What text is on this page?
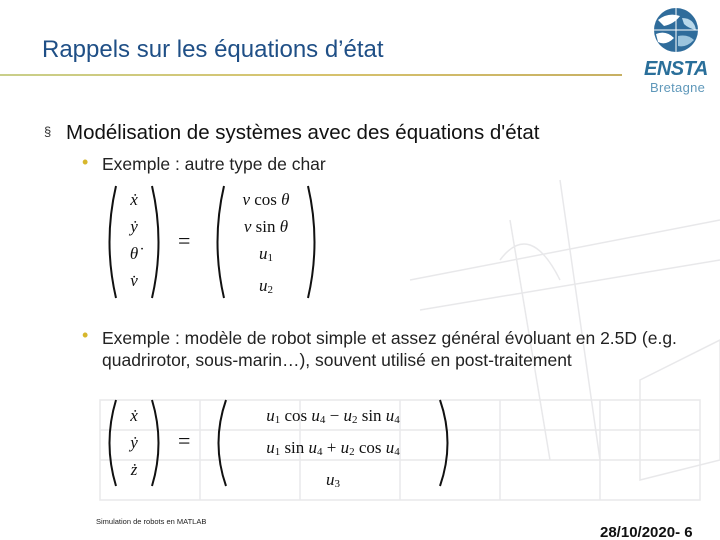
Rappels sur les équations d’état
ENSTA
Bretagne
§ Modélisation de systèmes avec des équations d'état
• Exemple : autre type de char
ẋ
ẏ
θ̇
v̇
=
v cos θ
v sin θ
$u_1$
$u_2$
• Exemple : modèle de robot simple et assez général évoluant en 2.5D (e.g. quadrirotor, sous-marin…), souvent utilisé en post-traitement
ẋ
ẏ
ż
=
$u_1$ $\cos u_4 - u_2$ $\sin u_4$
$u_1$ $\sin u_4 + u_2$ $\cos u_4$
$u_3$
Simulation de robots en MATLAB
28/10/2020- 6
